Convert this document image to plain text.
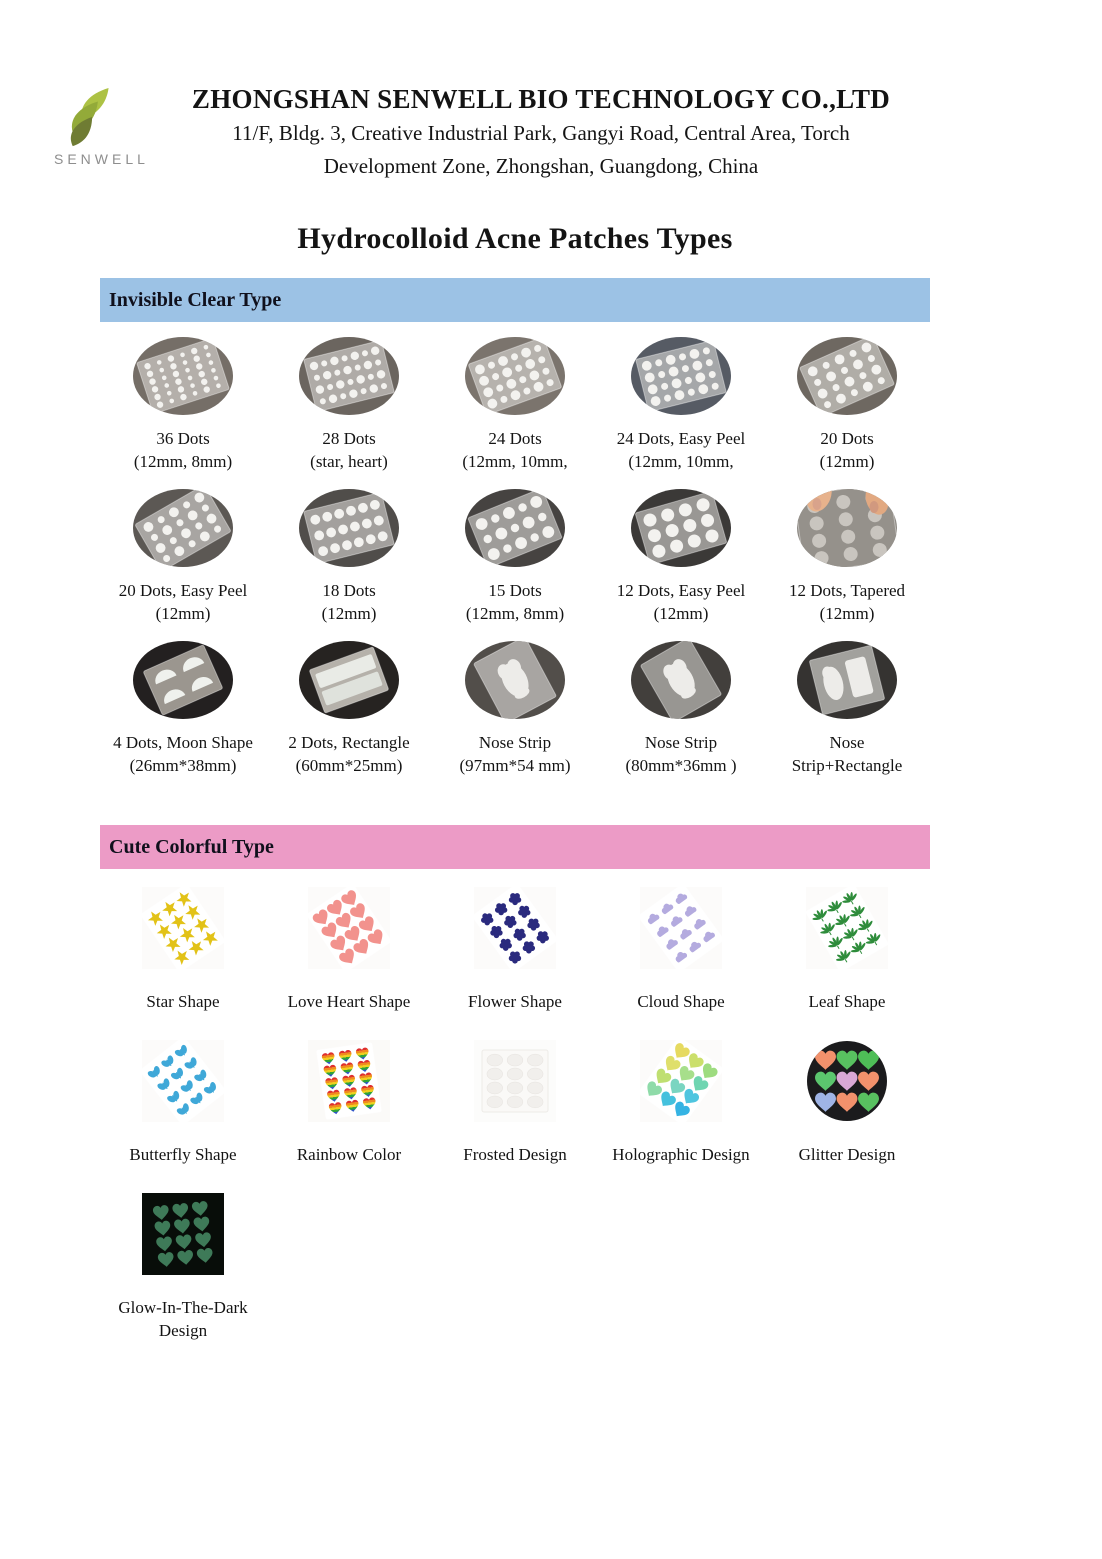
SENWELL
ZHONGSHAN SENWELL BIO TECHNOLOGY CO.,LTD
11/F, Bldg. 3, Creative Industrial Park, Gangyi Road, Central Area, Torch
Development Zone, Zhongshan, Guangdong, China
Hydrocolloid Acne Patches Types
Invisible Clear Type
36 Dots
(12mm, 8mm)
28 Dots
(star, heart)
24 Dots
(12mm, 10mm,
24 Dots, Easy Peel
(12mm, 10mm,
20 Dots
(12mm)
20 Dots, Easy Peel
(12mm)
18 Dots
(12mm)
15 Dots
(12mm, 8mm)
12 Dots, Easy Peel
(12mm)
12 Dots, Tapered
(12mm)
4 Dots, Moon Shape
(26mm*38mm)
2 Dots, Rectangle
(60mm*25mm)
Nose Strip
(97mm*54 mm)
Nose Strip
(80mm*36mm )
Nose
Strip+Rectangle
Cute Colorful Type
Star Shape	Love Heart Shape	Flower Shape	Cloud Shape	Leaf Shape
Butterfly Shape	Rainbow Color	Frosted Design	Holographic Design	Glitter Design
Glow-In-The-Dark
Design
